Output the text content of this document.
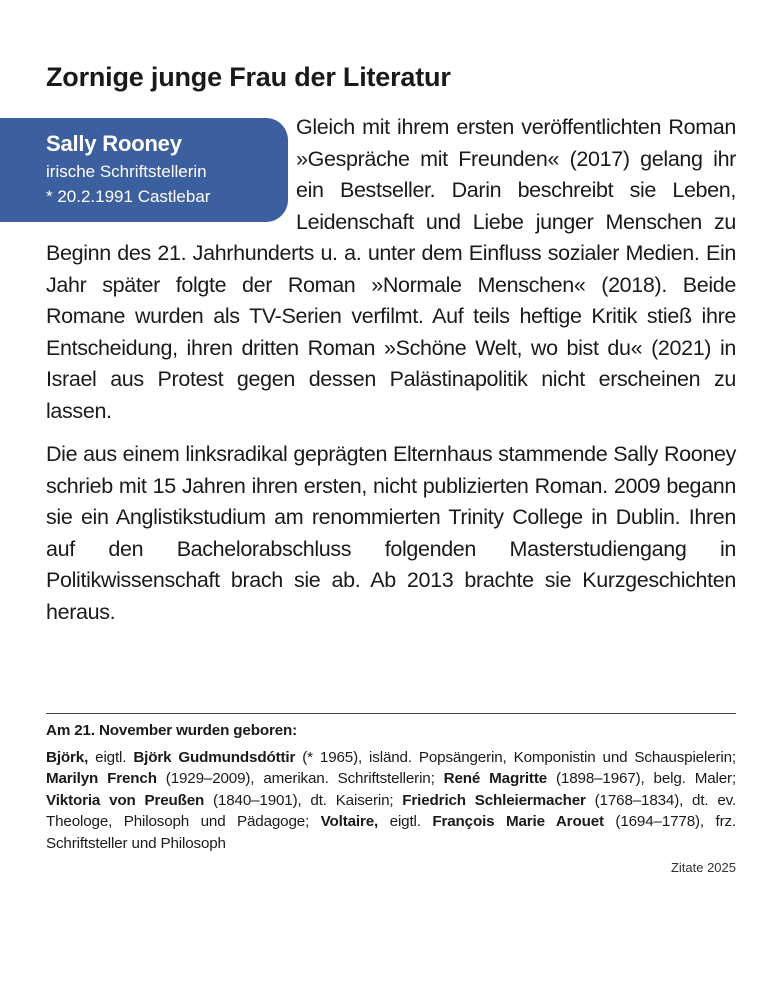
Zornige junge Frau der Literatur
Sally Rooney
irische Schriftstellerin
* 20.2.1991 Castlebar

Gleich mit ihrem ersten veröffentlichten Roman »Gespräche mit Freunden« (2017) gelang ihr ein Bestseller. Darin beschreibt sie Leben, Leidenschaft und Liebe junger Menschen zu Beginn des 21. Jahrhunderts u. a. unter dem Einfluss sozialer Medien. Ein Jahr später folgte der Roman »Normale Menschen« (2018). Beide Romane wurden als TV-Serien verfilmt. Auf teils heftige Kritik stieß ihre Entscheidung, ihren dritten Roman »Schöne Welt, wo bist du« (2021) in Israel aus Protest gegen dessen Palästinapolitik nicht erscheinen zu lassen.

Die aus einem linksradikal geprägten Elternhaus stammende Sally Rooney schrieb mit 15 Jahren ihren ersten, nicht publizierten Roman. 2009 begann sie ein Anglistikstudium am renommierten Trinity College in Dublin. Ihren auf den Bachelorabschluss folgenden Masterstudiengang in Politikwissenschaft brach sie ab. Ab 2013 brachte sie Kurzgeschichten heraus.

Am 21. November wurden geboren:
Björk, eigtl. Björk Gudmundsdóttir (* 1965), isländ. Popsängerin, Komponistin und Schauspielerin; Marilyn French (1929–2009), amerikan. Schriftstellerin; René Magritte (1898–1967), belg. Maler; Viktoria von Preußen (1840–1901), dt. Kaiserin; Friedrich Schleiermacher (1768–1834), dt. ev. Theologe, Philosoph und Pädagoge; Voltaire, eigtl. François Marie Arouet (1694–1778), frz. Schriftsteller und Philosoph
Zitate 2025
